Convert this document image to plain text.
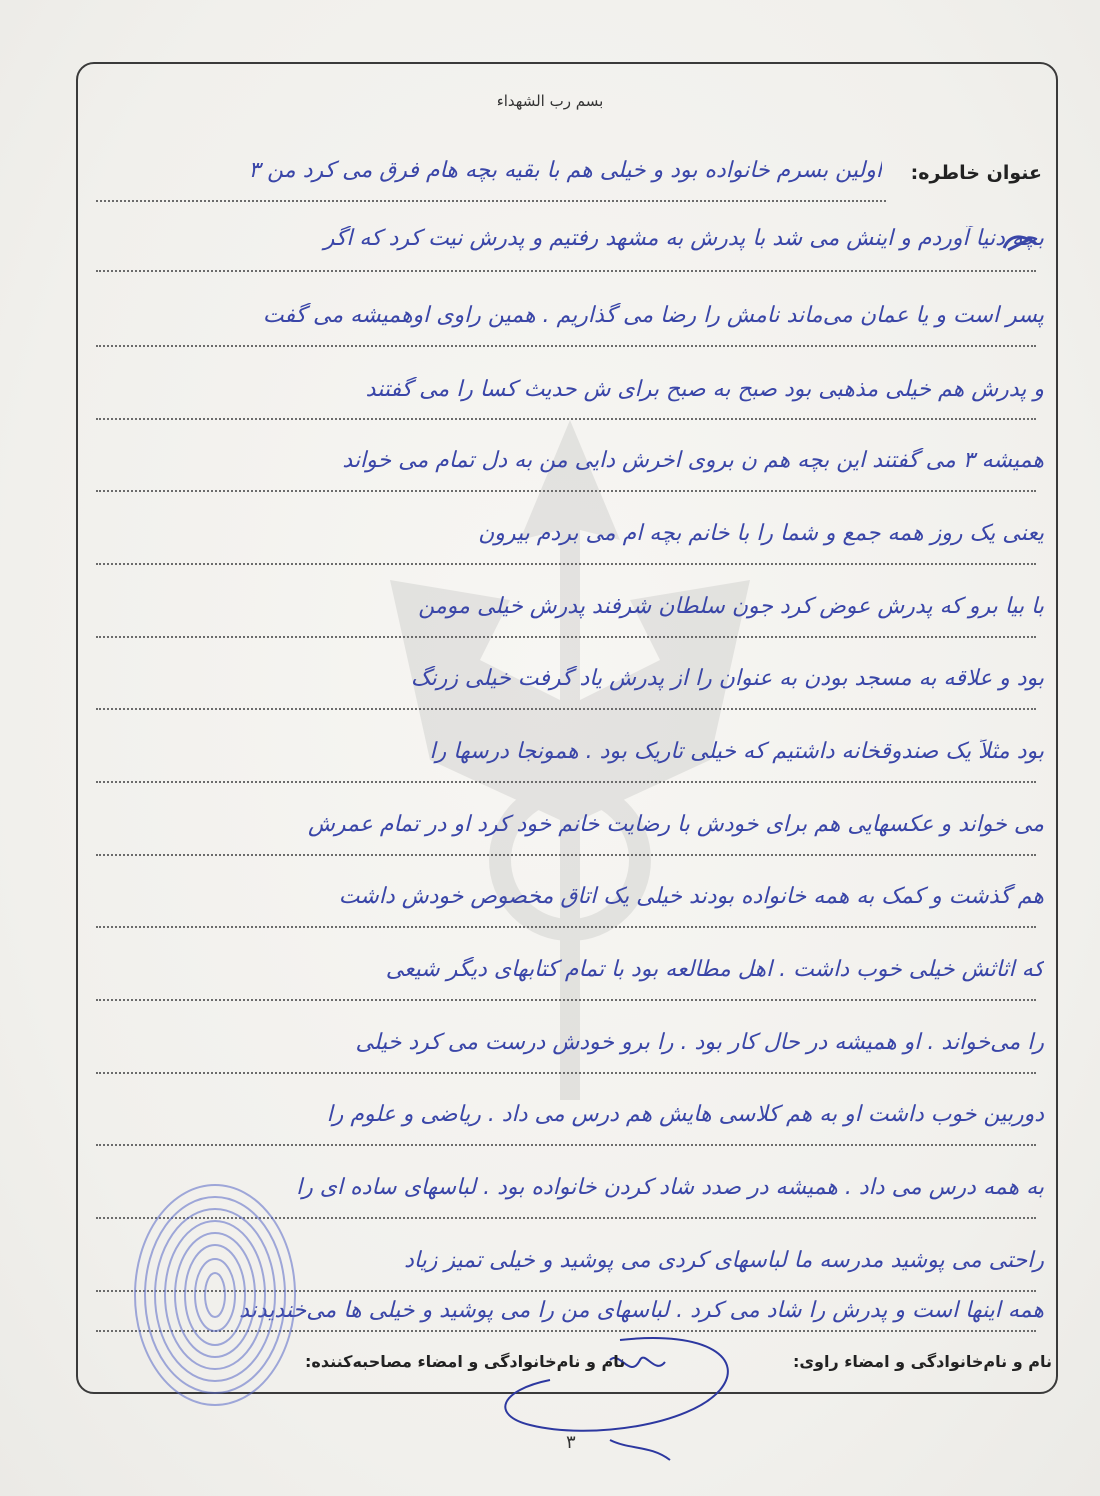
بسم رب الشهداء
عنوان خاطره:
اولین بسرم خانواده بود و خیلی هم با بقیه بچه هام فرق می کرد من ۳
بچه دنیا آوردم و اینش می شد با پدرش به مشهد رفتیم و پدرش نیت کرد که اگر
پسر است و یا عمان می‌ماند نامش را رضا می گذاریم . همین راوی اوهمیشه می گفت
و پدرش هم خیلی مذهبی بود صبح به صبح برای ش حدیث کسا را می گفتند
همیشه ۳ می گفتند این بچه هم ن بروی اخرش دایی من به دل تمام می خواند
یعنی یک روز همه جمع و شما را با خانم بچه ام می بردم بیرون
با بیا برو که پدرش عوض کرد جون سلطان شرفند پدرش خیلی مومن
بود و علاقه به مسجد بودن به عنوان را از پدرش یاد گرفت خیلی زرنگ
بود مثلاً یک صندوقخانه داشتیم که خیلی تاریک بود . همونجا درسها را
می خواند و عکسهایی هم برای خودش با رضایت خانم خود کرد او در تمام عمرش
هم گذشت و کمک به همه خانواده بودند خیلی یک اتاق مخصوص خودش داشت
که اثاثش خیلی خوب داشت . اهل مطالعه بود با تمام کتابهای دیگر شیعی
را می‌خواند . او همیشه در حال کار بود . را برو خودش درست می کرد خیلی
دوربین خوب داشت او به هم کلاسی هایش هم درس می داد . ریاضی و علوم را
به همه درس می داد . همیشه در صدد شاد کردن خانواده بود . لباسهای ساده ای را
راحتی می پوشید مدرسه ما لباسهای کردی می پوشید و خیلی تمیز زیاد
همه اینها است و پدرش را شاد می کرد . لباسهای من را می پوشید و خیلی ها می‌خندیدند
نام و نام‌خانوادگی و امضاء مصاحبه‌کننده:	نام و نام‌خانوادگی و امضاء راوی:
۳
